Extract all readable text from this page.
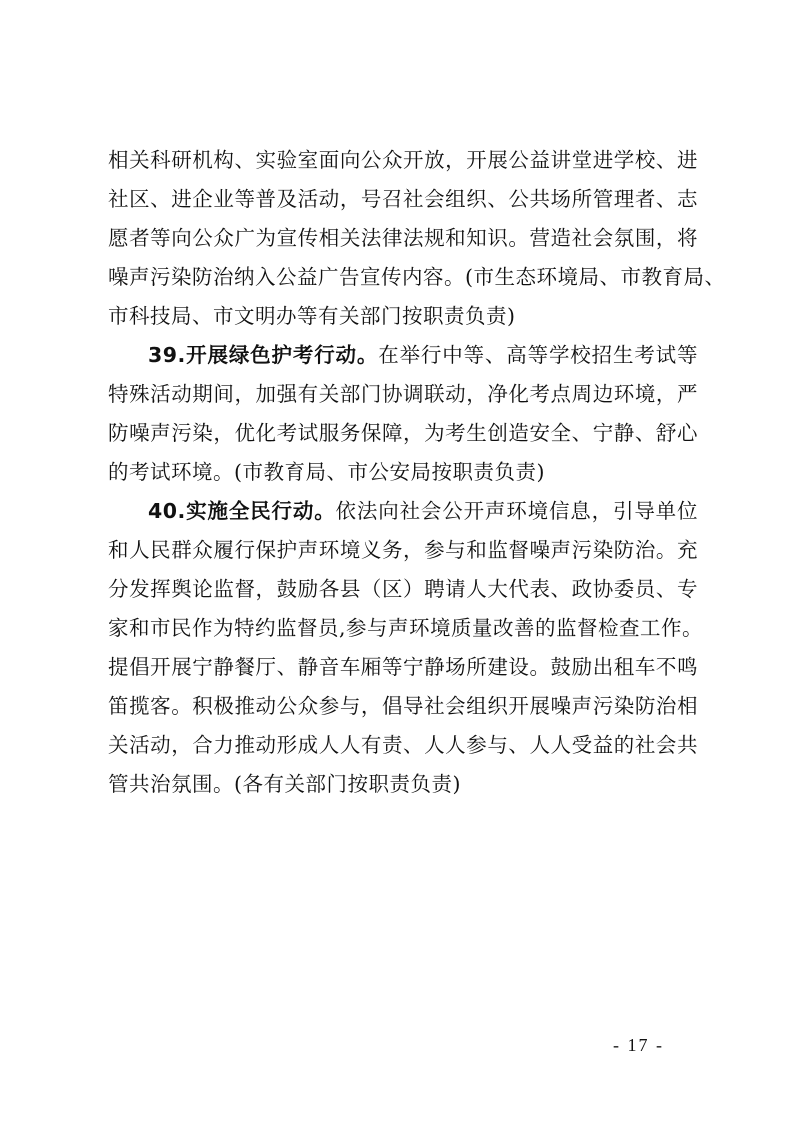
相关科研机构、实验室面向公众开放，开展公益讲堂进学校、进
社区、进企业等普及活动，号召社会组织、公共场所管理者、志
愿者等向公众广为宣传相关法律法规和知识。营造社会氛围，将
噪声污染防治纳入公益广告宣传内容。(市生态环境局、市教育局、
市科技局、市文明办等有关部门按职责负责)
39.开展绿色护考行动。在举行中等、高等学校招生考试等
特殊活动期间，加强有关部门协调联动，净化考点周边环境，严
防噪声污染，优化考试服务保障，为考生创造安全、宁静、舒心
的考试环境。(市教育局、市公安局按职责负责)
40.实施全民行动。依法向社会公开声环境信息，引导单位
和人民群众履行保护声环境义务，参与和监督噪声污染防治。充
分发挥舆论监督，鼓励各县（区）聘请人大代表、政协委员、专
家和市民作为特约监督员,参与声环境质量改善的监督检查工作。
提倡开展宁静餐厅、静音车厢等宁静场所建设。鼓励出租车不鸣
笛揽客。积极推动公众参与，倡导社会组织开展噪声污染防治相
关活动，合力推动形成人人有责、人人参与、人人受益的社会共
管共治氛围。(各有关部门按职责负责)
- 17 -
